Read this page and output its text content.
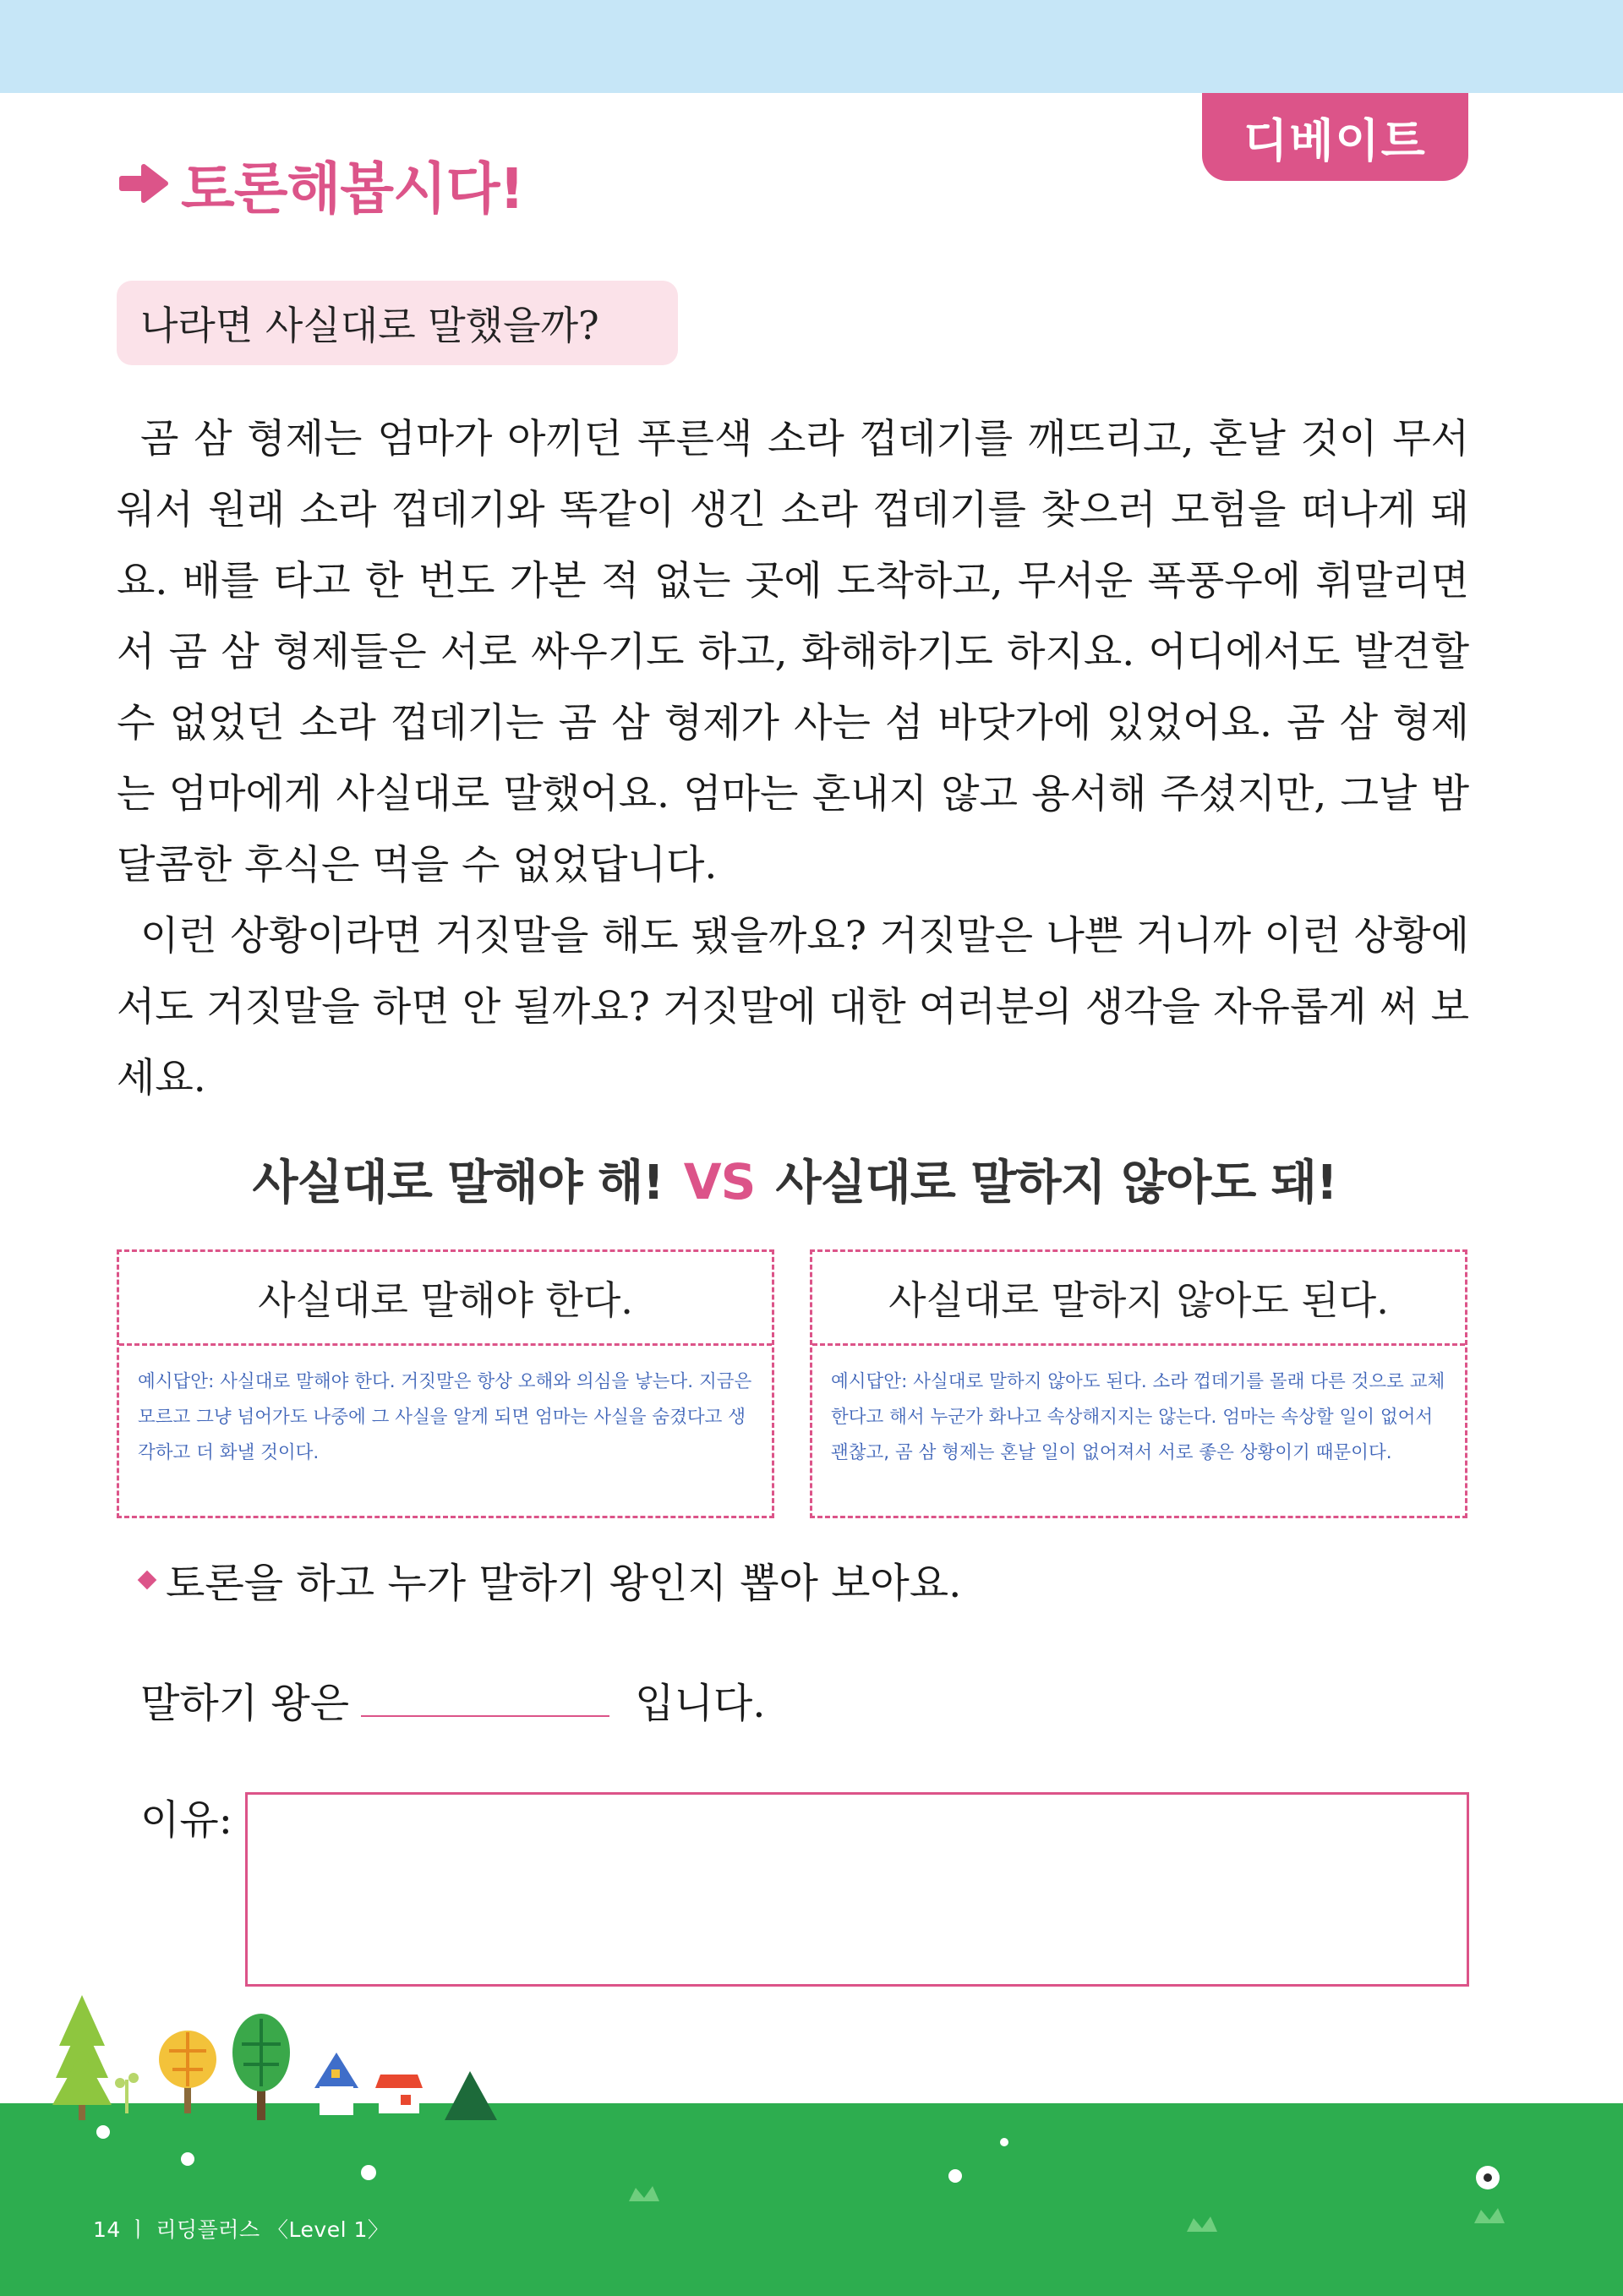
디베이트
토론해봅시다!
나라면 사실대로 말했을까?

곰 삼 형제는 엄마가 아끼던 푸른색 소라 껍데기를 깨뜨리고, 혼날 것이 무서워서 원래 소라 껍데기와 똑같이 생긴 소라 껍데기를 찾으러 모험을 떠나게 돼요. 배를 타고 한 번도 가본 적 없는 곳에 도착하고, 무서운 폭풍우에 휘말리면서 곰 삼 형제들은 서로 싸우기도 하고, 화해하기도 하지요. 어디에서도 발견할 수 없었던 소라 껍데기는 곰 삼 형제가 사는 섬 바닷가에 있었어요. 곰 삼 형제는 엄마에게 사실대로 말했어요. 엄마는 혼내지 않고 용서해 주셨지만, 그날 밤 달콤한 후식은 먹을 수 없었답니다.

이런 상황이라면 거짓말을 해도 됐을까요? 거짓말은 나쁜 거니까 이런 상황에서도 거짓말을 하면 안 될까요? 거짓말에 대한 여러분의 생각을 자유롭게 써 보세요.

사실대로 말해야 해! VS 사실대로 말하지 않아도 돼!
사실대로 말해야 한다.
예시답안: 사실대로 말해야 한다. 거짓말은 항상 오해와 의심을 낳는다. 지금은 모르고 그냥 넘어가도 나중에 그 사실을 알게 되면 엄마는 사실을 숨겼다고 생각하고 더 화낼 것이다.
사실대로 말하지 않아도 된다.
예시답안: 사실대로 말하지 않아도 된다. 소라 껍데기를 몰래 다른 것으로 교체한다고 해서 누군가 화나고 속상해지지는 않는다. 엄마는 속상할 일이 없어서 괜찮고, 곰 삼 형제는 혼날 일이 없어져서 서로 좋은 상황이기 때문이다.
토론을 하고 누가 말하기 왕인지 뽑아 보아요.
말하기 왕은	입니다.
이유:
14 ㅣ 리딩플러스 〈Level 1〉
